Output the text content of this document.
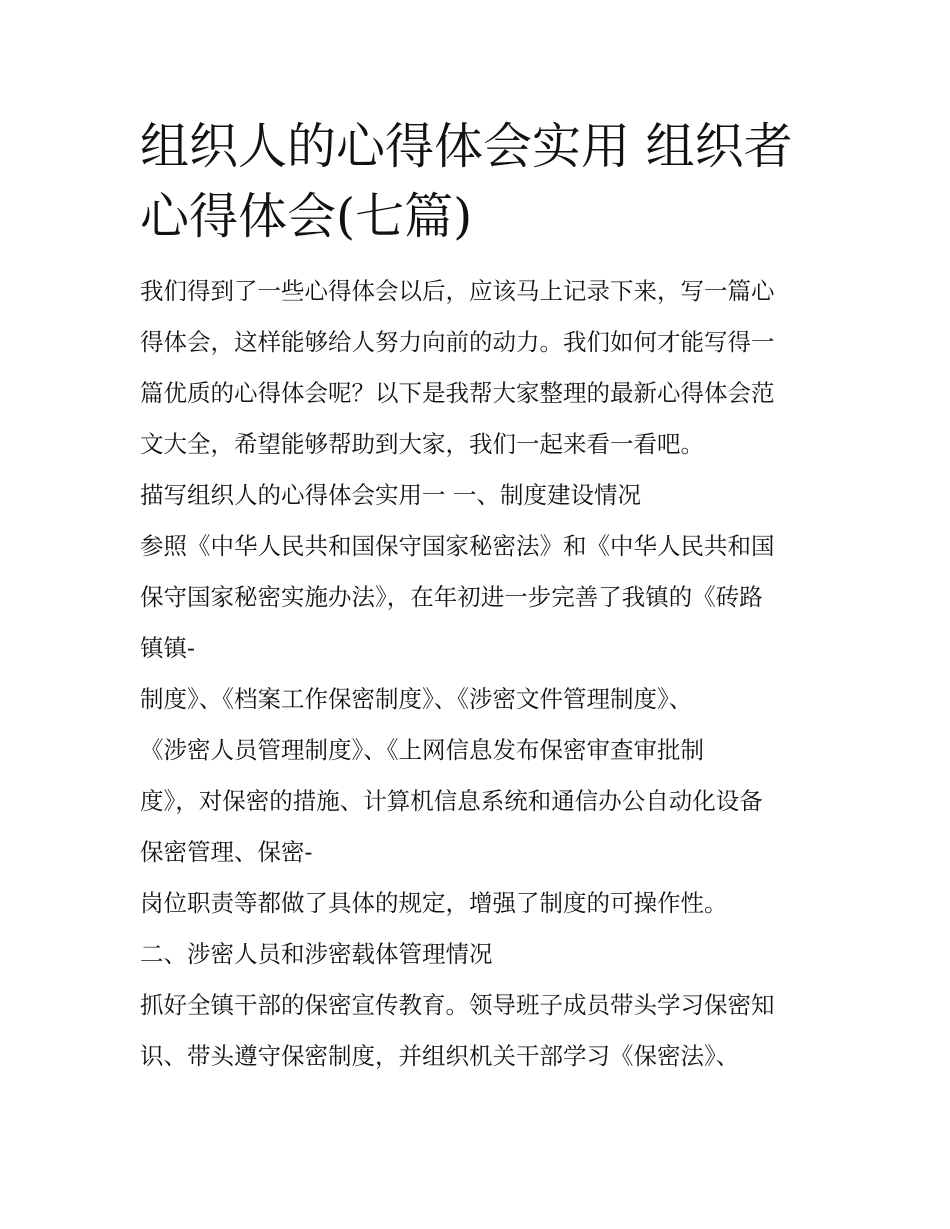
组织人的心得体会实用 组织者
心得体会(七篇)
我们得到了一些心得体会以后，应该马上记录下来，写一篇心
得体会，这样能够给人努力向前的动力。我们如何才能写得一
篇优质的心得体会呢？以下是我帮大家整理的最新心得体会范
文大全，希望能够帮助到大家，我们一起来看一看吧。
描写组织人的心得体会实用一 一、制度建设情况
参照《中华人民共和国保守国家秘密法》和《中华人民共和国
保守国家秘密实施办法》，在年初进一步完善了我镇的《砖路
镇镇-
制度》、《档案工作保密制度》、《涉密文件管理制度》、
《涉密人员管理制度》、《上网信息发布保密审查审批制
度》，对保密的措施、计算机信息系统和通信办公自动化设备
保密管理、保密-
岗位职责等都做了具体的规定，增强了制度的可操作性。
二、涉密人员和涉密载体管理情况
抓好全镇干部的保密宣传教育。领导班子成员带头学习保密知
识、带头遵守保密制度，并组织机关干部学习《保密法》、
